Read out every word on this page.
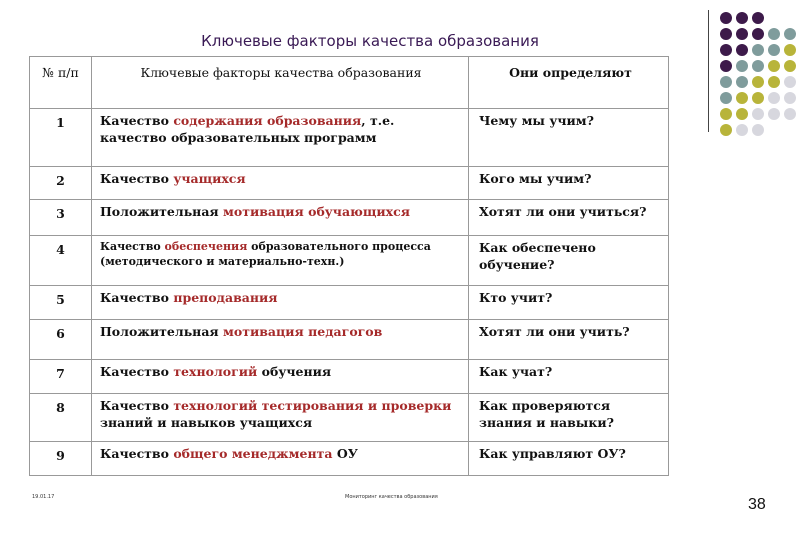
Ключевые факторы качества образования
№ п/п	Ключевые факторы качества образования	Они определяют
1	Качество содержания образования, т.е. качество образовательных программ	Чему мы учим?
2	Качество учащихся	Кого мы учим?
3	Положительная мотивация обучающихся	Хотят ли они учиться?
4	Качество обеспечения образовательного процесса (методического и материально-техн.)	Как обеспечено обучение?
5	Качество преподавания	Кто учит?
6	Положительная мотивация педагогов	Хотят ли они учить?
7	Качество технологий обучения	Как учат?
8	Качество технологий тестирования и проверки знаний и навыков учащихся	Как проверяются знания и навыки?
9	Качество общего менеджмента ОУ	Как управляют ОУ?
19.01.17	Мониторинг качества образования	38
